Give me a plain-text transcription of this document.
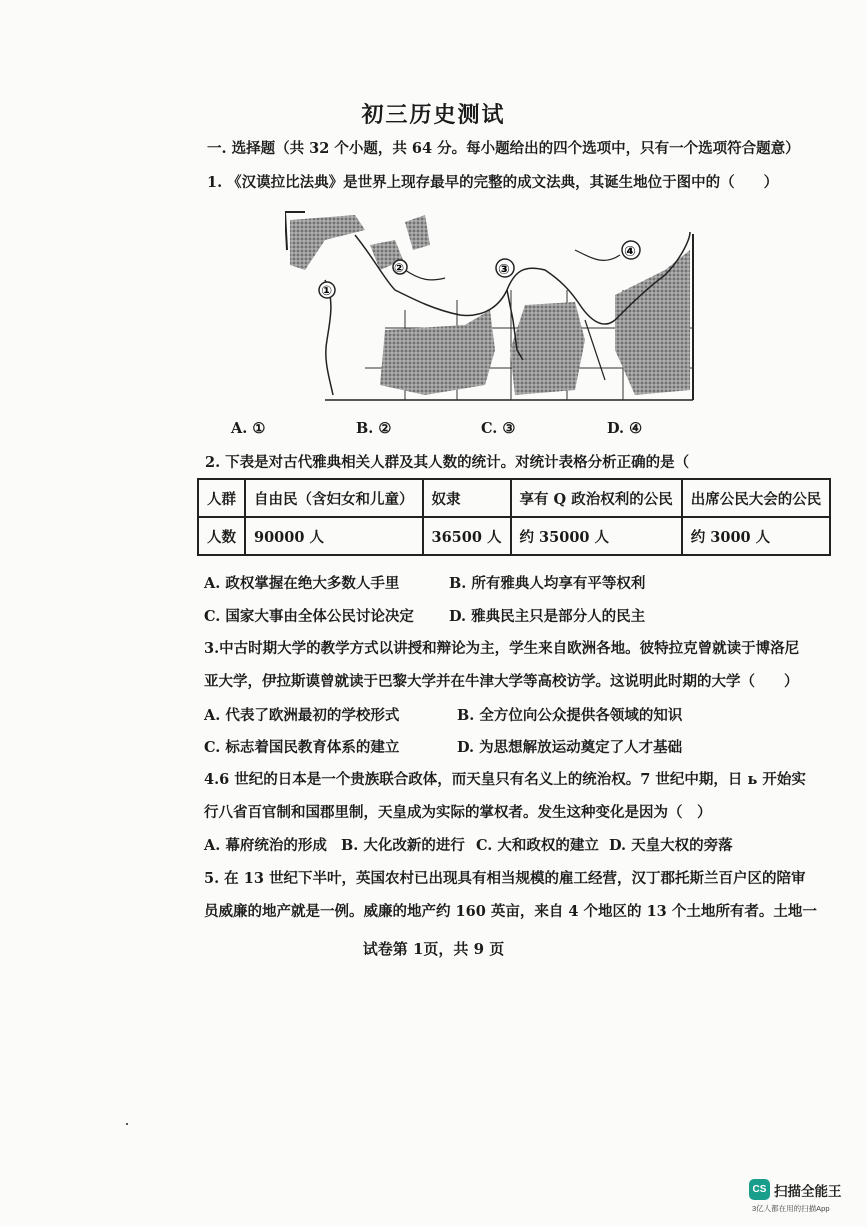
初三历史测试
一. 选择题（共 32 个小题，共 64 分。每小题给出的四个选项中，只有一个选项符合题意）
1. 《汉谟拉比法典》是世界上现存最早的完整的成文法典，其诞生地位于图中的（　　）
①
②	③
④
A. ①	B. ②	C. ③	D. ④
2. 下表是对古代雅典相关人群及其人数的统计。对统计表格分析正确的是（
人群	自由民（含妇女和儿童）	奴隶	享有 Q 政治权利的公民	出席公民大会的公民
人数	90000 人	36500 人	约 35000 人	约 3000 人
A. 政权掌握在绝大多数人手里	B. 所有雅典人均享有平等权利
C. 国家大事由全体公民讨论决定 D. 雅典民主只是部分人的民主
3.中古时期大学的教学方式以讲授和辩论为主，学生来自欧洲各地。彼特拉克曾就读于博洛尼
亚大学，伊拉斯谟曾就读于巴黎大学并在牛津大学等高校访学。这说明此时期的大学（　　）
A. 代表了欧洲最初的学校形式	B. 全方位向公众提供各领域的知识
C. 标志着国民教育体系的建立	D. 为思想解放运动奠定了人才基础
4.6 世纪的日本是一个贵族联合政体，而天皇只有名义上的统治权。7 世纪中期，日 ь 开始实
行八省百官制和国郡里制，天皇成为实际的掌权者。发生这种变化是因为（　）
A. 幕府统治的形成 B. 大化改新的进行 C. 大和政权的建立 D. 天皇大权的旁落
5. 在 13 世纪下半叶，英国农村已出现具有相当规模的雇工经营，汉丁郡托斯兰百户区的陪审
员威廉的地产就是一例。威廉的地产约 160 英亩，来自 4 个地区的 13 个土地所有者。土地一
试卷第 1页，共 9 页
CS 扫描全能王
3亿人都在用的扫描App
